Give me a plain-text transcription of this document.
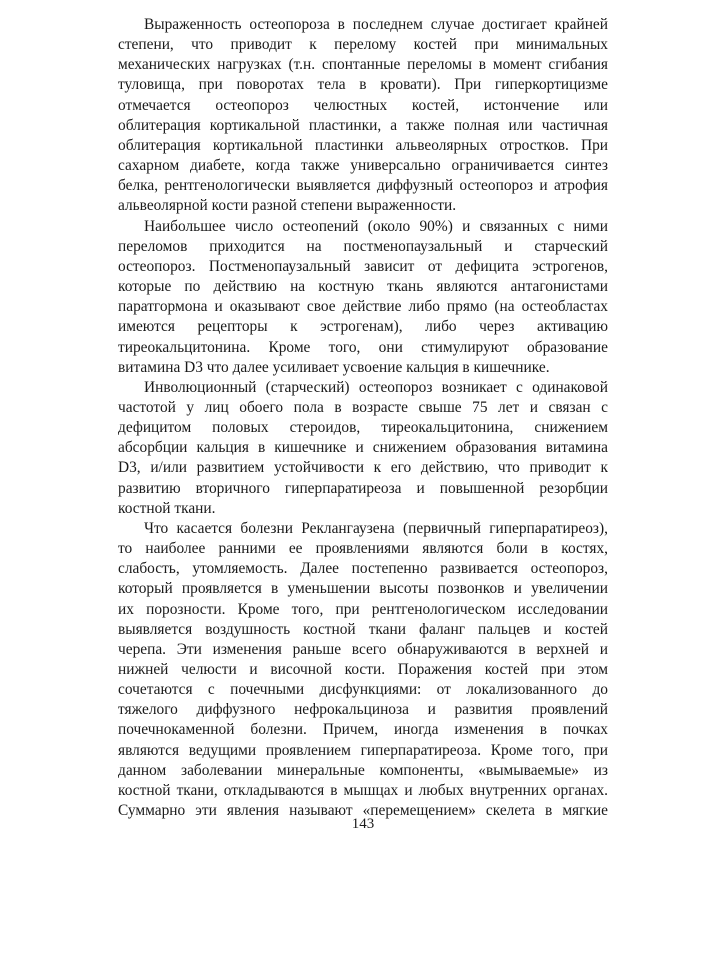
Выраженность остеопороза в последнем случае достигает крайней
степени, что приводит к перелому костей при минимальных
механических нагрузках (т.н. спонтанные переломы в момент сгибания
туловища, при поворотах тела в кровати). При гиперкортицизме
отмечается остеопороз челюстных костей, истончение или
облитерация кортикальной пластинки, а также полная или частичная
облитерация кортикальной пластинки альвеолярных отростков. При
сахарном диабете, когда также универсально ограничивается синтез
белка, рентгенологически выявляется диффузный остеопороз и атрофия
альвеолярной кости разной степени выраженности.
Наибольшее число остеопений (около 90%) и связанных с ними
переломов приходится на постменопаузальный и старческий
остеопороз. Постменопаузальный зависит от дефицита эстрогенов,
которые по действию на костную ткань являются антагонистами
паратгормона и оказывают свое действие либо прямо (на остеобластах
имеются рецепторы к эстрогенам), либо через активацию
тиреокальцитонина. Кроме того, они стимулируют образование
витамина D3 что далее усиливает усвоение кальция в кишечнике.
Инволюционный (старческий) остеопороз возникает с одинаковой
частотой у лиц обоего пола в возрасте свыше 75 лет и связан с
дефицитом половых стероидов, тиреокальцитонина, снижением
абсорбции кальция в кишечнике и снижением образования витамина
D3, и/или развитием устойчивости к его действию, что приводит к
развитию вторичного гиперпаратиреоза и повышенной резорбции
костной ткани.
Что касается болезни Реклангаузена (первичный гиперпаратиреоз),
то наиболее ранними ее проявлениями являются боли в костях,
слабость, утомляемость. Далее постепенно развивается остеопороз,
который проявляется в уменьшении высоты позвонков и увеличении
их порозности. Кроме того, при рентгенологическом исследовании
выявляется воздушность костной ткани фаланг пальцев и костей
черепа. Эти изменения раньше всего обнаруживаются в верхней и
нижней челюсти и височной кости. Поражения костей при этом
сочетаются с почечными дисфункциями: от локализованного до
тяжелого диффузного нефрокальциноза и развития проявлений
почечнокаменной болезни. Причем, иногда изменения в почках
являются ведущими проявлением гиперпаратиреоза. Кроме того, при
данном заболевании минеральные компоненты, «вымываемые» из
костной ткани, откладываются в мышцах и любых внутренних органах.
Суммарно эти явления называют «перемещением» скелета в мягкие
143
